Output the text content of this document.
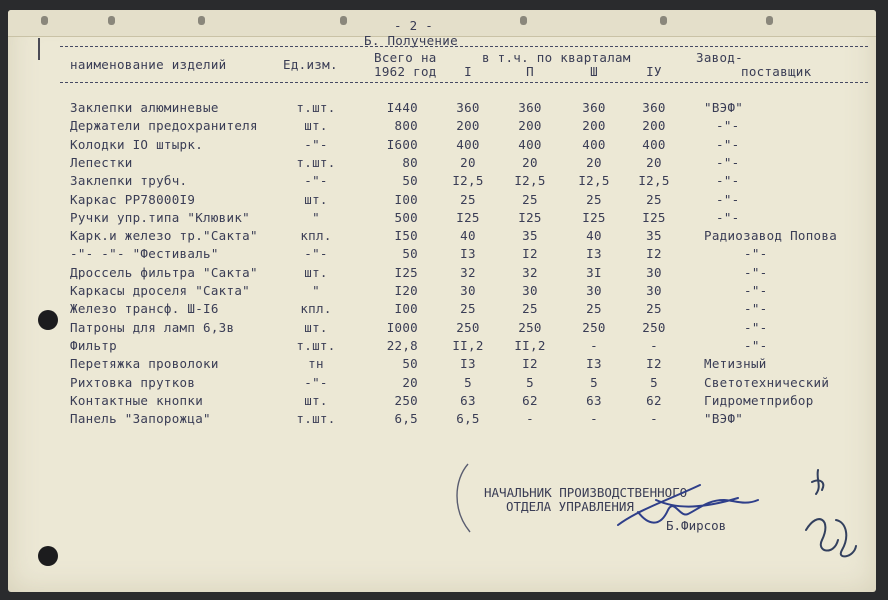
- 2 -
Б. Получение
наименование изделий	Ед.изм.	Всего на
1962 год
в т.ч. по кварталам
I	П	Ш	IУ
Завод-
поставщик
Заклепки алюминевые	т.шт.	I440	360	360	360	360	"ВЭФ"
Держатели предохранителя	шт.	800	200	200	200	200	-"-
Колодки IO штырк.	-"-	I600	400	400	400	400	-"-
Лепестки	т.шт.	80	20	20	20	20	-"-
Заклепки трубч.	-"-	50	I2,5	I2,5	I2,5	I2,5	-"-
Каркас РР78000I9	шт.	I00	25	25	25	25	-"-
Ручки упр.типа "Клювик"	"	500	I25	I25	I25	I25	-"-
Карк.и железо тр."Сакта"	кпл.	I50	40	35	40	35	Радиозавод Попова
-"- -"- "Фестиваль"	-"-	50	I3	I2	I3	I2	-"-
Дроссель фильтра "Сакта"	шт.	I25	32	32	3I	30	-"-
Каркасы дроселя "Сакта"	"	I20	30	30	30	30	-"-
Железо трансф. Ш-I6	кпл.	I00	25	25	25	25	-"-
Патроны для ламп 6,3в	шт.	I000	250	250	250	250	-"-
Фильтр	т.шт.	22,8	II,2	II,2	-	-	-"-
Перетяжка проволоки	тн	50	I3	I2	I3	I2	Метизный
Рихтовка прутков	-"-	20	5	5	5	5	Светотехнический
Контактные кнопки	шт.	250	63	62	63	62	Гидрометприбор
Панель "Запорожца"	т.шт.	6,5	6,5	-	-	-	"ВЭФ"
НАЧАЛЬНИК ПРОИЗВОДСТВЕННОГО
ОТДЕЛА УПРАВЛЕНИЯ
Б.Фирсов
